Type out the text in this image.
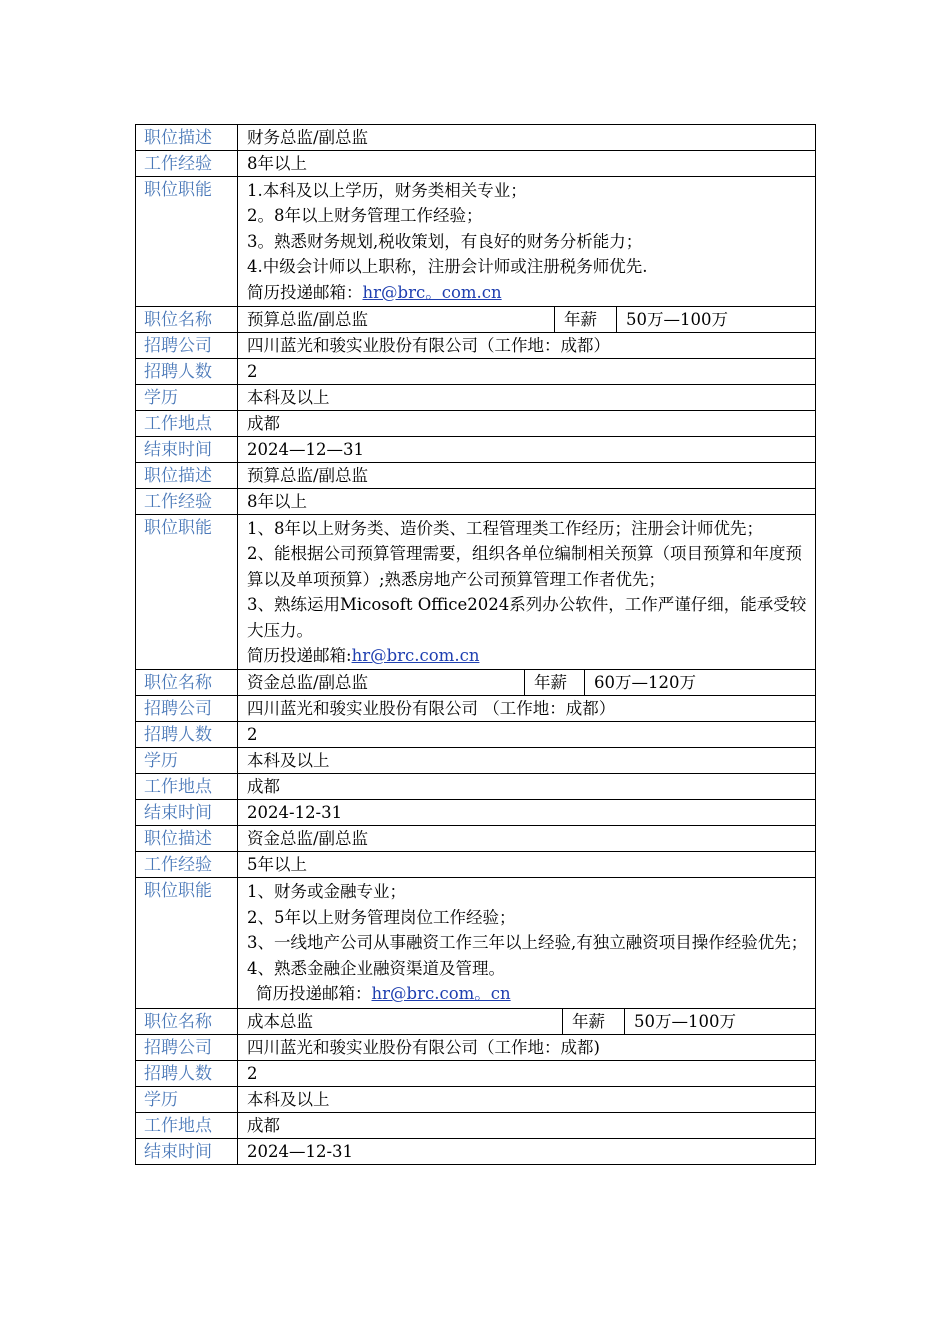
职位描述	财务总监/副总监
工作经验	8年以上
职位职能	1.本科及以上学历，财务类相关专业；
2。8年以上财务管理工作经验；
3。熟悉财务规划,税收策划，有良好的财务分析能力；
4.中级会计师以上职称，注册会计师或注册税务师优先.
简历投递邮箱：hr@brc。com.cn
职位名称	预算总监/副总监	年薪	50万—100万
招聘公司	四川蓝光和骏实业股份有限公司（工作地：成都）
招聘人数	2
学历	本科及以上
工作地点	成都
结束时间	2024—12—31
职位描述	预算总监/副总监
工作经验	8年以上
职位职能	1、8年以上财务类、造价类、工程管理类工作经历；注册会计师优先；
2、能根据公司预算管理需要，组织各单位编制相关预算（项目预算和年度预算以及单项预算）;熟悉房地产公司预算管理工作者优先；
3、熟练运用Micosoft Office2024系列办公软件，工作严谨仔细，能承受较大压力。
简历投递邮箱:hr@brc.com.cn
职位名称	资金总监/副总监	年薪	60万—120万
招聘公司	四川蓝光和骏实业股份有限公司 （工作地：成都）
招聘人数	2
学历	本科及以上
工作地点	成都
结束时间	2024-12-31
职位描述	资金总监/副总监
工作经验	5年以上
职位职能	1、财务或金融专业；
2、5年以上财务管理岗位工作经验；
3、一线地产公司从事融资工作三年以上经验,有独立融资项目操作经验优先；
4、熟悉金融企业融资渠道及管理。
简历投递邮箱：hr@brc.com。cn
职位名称	成本总监	年薪	50万—100万
招聘公司	四川蓝光和骏实业股份有限公司（工作地：成都)
招聘人数	2
学历	本科及以上
工作地点	成都
结束时间	2024—12-31
